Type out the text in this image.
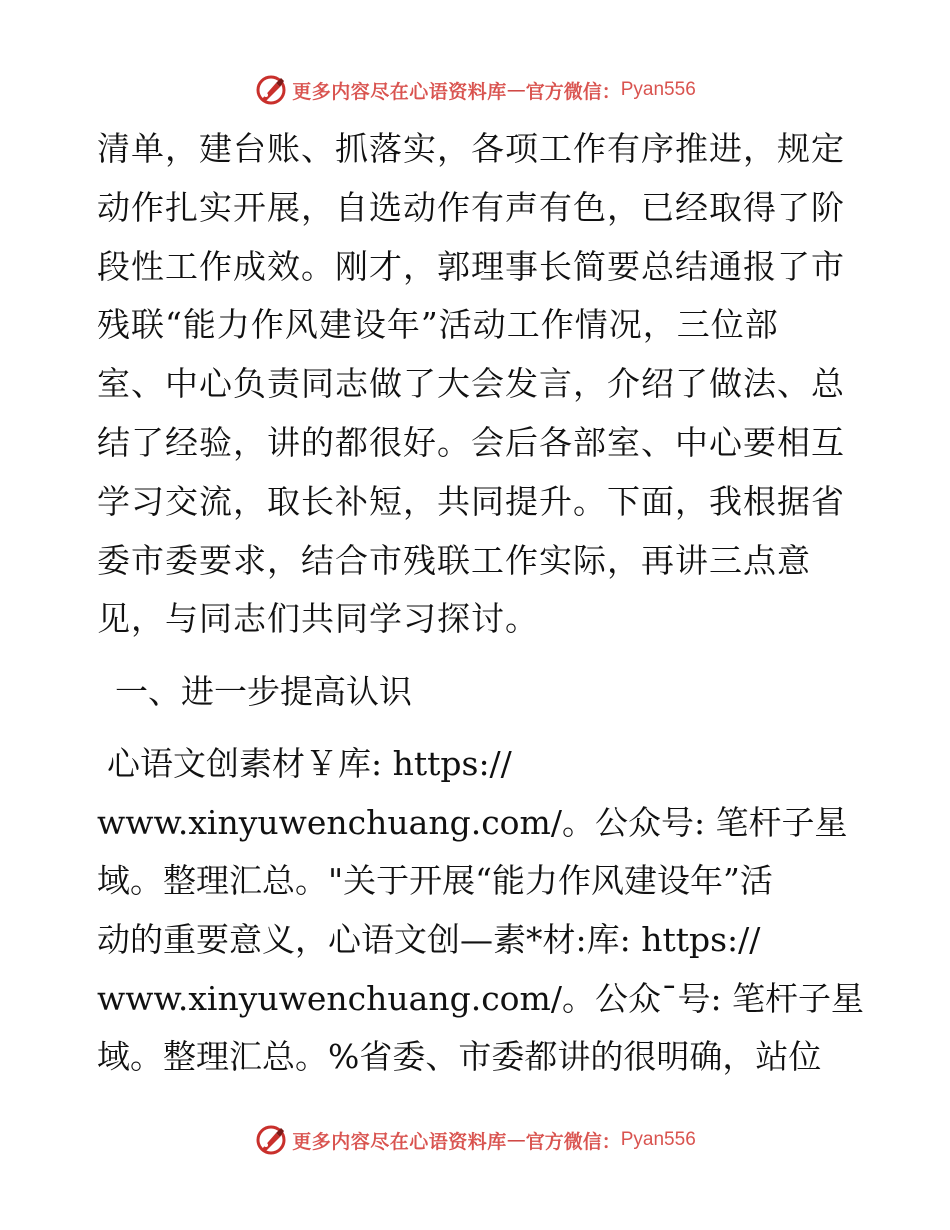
更多内容尽在心语资料库 — 官方微信： Pyan556
清单，建台账、抓落实，各项工作有序推进，规定
动作扎实开展，自选动作有声有色，已经取得了阶
段性工作成效。刚才，郭理事长简要总结通报了市
残联“能力作风建设年”活动工作情况，三位部
室、中心负责同志做了大会发言，介绍了做法、总
结了经验，讲的都很好。会后各部室、中心要相互
学习交流，取长补短，共同提升。下面，我根据省
委市委要求，结合市残联工作实际，再讲三点意
见，与同志们共同学习探讨。
一、进一步提高认识
心语文创素材￥库: https://
www.xinyuwenchuang.com/。公众号: 笔杆子星
域。整理汇总。"关于开展“能力作风建设年”活
动的重要意义，心语文创—素*材:库: https://
www.xinyuwenchuang.com/。公众¯号: 笔杆子星
域。整理汇总。%省委、市委都讲的很明确，站位
更多内容尽在心语资料库 — 官方微信： Pyan556
